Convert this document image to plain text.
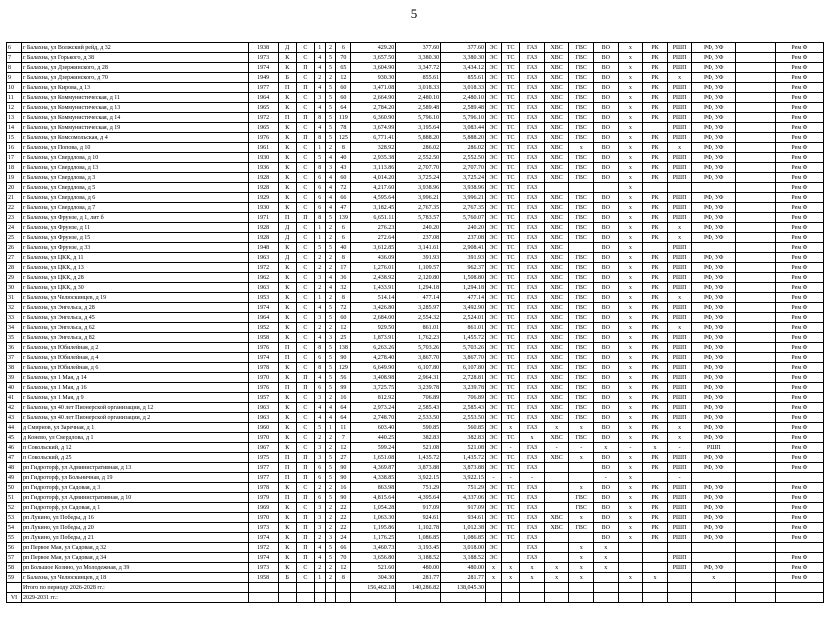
5
6	г Балахна, ул Волжский рейд, д 32	1938	Д	С	1	2	6	429.20	377.60	377.60	ЭС	ТС	ГАЗ	ХВС	ГВС	ВО	х	РК	РШП	РФ, УФ		Рем Ф
7	г Балахна, ул Горького, д 38	1973	К	С	4	5	70	3,657.50	3,380.30	3,380.30	ЭС	ТС	ГАЗ	ХВС	ГВС	ВО	х	РК	РШП	РФ, УФ		Рем Ф
8	г Балахна, ул Дзержинского, д 28	1974	К	П	4	5	65	3,604.90	3,347.72	3,434.12	ЭС	ТС	ГАЗ	ХВС	ГВС	ВО	х	РК	РШП	РФ, УФ		Рем Ф
9	г Балахна, ул Дзержинского, д 70	1949	Б	С	2	2	12	930.30	855.61	855.61	ЭС	ТС	ГАЗ	ХВС	ГВС	ВО	х	РК	х	РФ, УФ		Рем Ф
10	г Балахна, ул Кирова, д 13	1977	П	П	4	5	60	3,471.08	3,018.33	3,018.33	ЭС	ТС	ГАЗ	ХВС	ГВС	ВО	х	РК	РШП	РФ, УФ		Рем Ф
11	г Балахна, ул Коммунистическая, д 11	1964	К	С	3	5	60	2,664.90	2,480.10	2,480.10	ЭС	ТС	ГАЗ	ХВС	ГВС	ВО	х	РК	РШП	РФ, УФ		Рем Ф
12	г Балахна, ул Коммунистическая, д 13	1965	К	С	4	5	64	2,784.20	2,589.48	2,589.48	ЭС	ТС	ГАЗ	ХВС	ГВС	ВО	х	РК	РШП	РФ, УФ		Рем Ф
13	г Балахна, ул Коммунистическая, д 14	1972	П	П	8	5	119	6,360.90	5,796.10	5,796.10	ЭС	ТС	ГАЗ	ХВС	ГВС	ВО	х	РК	РШП	РФ, УФ		Рем Ф
14	г Балахна, ул Коммунистическая, д 19	1965	К	С	4	5	78	3,674.99	3,195.64	3,083.44	ЭС	ТС	ГАЗ	ХВС	ГВС	ВО	х		РШП	РФ, УФ		Рем Ф
15	г Балахна, ул Комсомольская, д 4	1976	К	П	8	5	125	6,771.41	5,888.20	5,888.20	ЭС	ТС	ГАЗ	ХВС	ГВС	ВО	х	РК	РШП	РФ, УФ		Рем Ф
16	г Балахна, ул Попова, д 10	1961	К	С	1	2	8	328.92	286.02	286.02	ЭС	ТС	ГАЗ	ХВС	х	ВО	х	РК	х	РФ, УФ		Рем Ф
17	г Балахна, ул Свердлова, д 10	1930	К	С	5	4	40	2,935.38	2,552.50	2,552.50	ЭС	ТС	ГАЗ	ХВС	ГВС	ВО	х	РК	РШП	РФ, УФ		Рем Ф
18	г Балахна, ул Свердлова, д 13	1936	К	С	8	3	43	3,113.86	2,707.70	2,707.70	ЭС	ТС	ГАЗ	ХВС	ГВС	ВО	х	РК	РШП	РФ, УФ		Рем Ф
19	г Балахна, ул Свердлова, д 3	1928	К	С	6	4	60	4,014.20	3,725.24	3,725.24	ЭС	ТС	ГАЗ	ХВС	ГВС	ВО	х	РК	РШП	РФ, УФ		Рем Ф
20	г Балахна, ул Свердлова, д 5	1928	К	С	6	4	72	4,217.60	3,938.96	3,938.96	ЭС	ТС	ГАЗ				х					Рем Ф
21	г Балахна, ул Свердлова, д 6	1929	К	С	6	4	66	4,595.64	3,996.21	3,996.21	ЭС	ТС	ГАЗ	ХВС	ГВС	ВО	х	РК	РШП	РФ, УФ		Рем Ф
22	г Балахна, ул Свердлова, д 7	1930	К	С	6	4	47	3,182.45	2,767.35	2,767.35	ЭС	ТС	ГАЗ	ХВС	ГВС	ВО	х	РК	РШП	РФ, УФ		Рем Ф
23	г Балахна, ул Фрунзе, д 1, лит б	1971	П	П	8	5	139	6,651.11	5,783.57	5,760.07	ЭС	ТС	ГАЗ	ХВС	ГВС	ВО	х	РК	РШП	РФ, УФ		Рем Ф
24	г Балахна, ул Фрунзе, д 11	1928	Д	С	1	2	6	276.23	240.20	240.20	ЭС	ТС	ГАЗ	ХВС	ГВС	ВО	х	РК	х	РФ, УФ		Рем Ф
25	г Балахна, ул Фрунзе, д 15	1928	Д	С	1	2	6	272.64	237.08	237.08	ЭС	ТС	ГАЗ	ХВС	ГВС	ВО	х	РК	х	РФ, УФ		Рем Ф
26	г Балахна, ул Фрунзе, д 33	1948	К	С	5	5	40	3,612.85	3,141.61	2,908.41	ЭС	ТС	ГАЗ	ХВС		ВО	х		РШП			Рем Ф
27	г Балахна, ул ЦКК, д 11	1963	Д	С	2	2	8	436.09	391.93	391.93	ЭС	ТС	ГАЗ	ХВС	ГВС	ВО	х	РК	РШП	РФ, УФ		Рем Ф
28	г Балахна, ул ЦКК, д 13	1972	К	С	2	2	17	1,276.01	1,109.57	962.37	ЭС	ТС	ГАЗ	ХВС	ГВС	ВО	х	РК	РШП	РФ, УФ		Рем Ф
29	г Балахна, ул ЦКК, д 28	1962	К	С	3	4	36	2,438.92	2,120.80	1,508.80	ЭС	ТС	ГАЗ	ХВС	ГВС	ВО	х	РК	РШП	РФ, УФ		Рем Ф
30	г Балахна, ул ЦКК, д 30	1963	К	С	2	4	32	1,433.91	1,294.18	1,294.18	ЭС	ТС	ГАЗ	ХВС	ГВС	ВО	х	РК	РШП	РФ, УФ		Рем Ф
31	г Балахна, ул Челюскинцев, д 19	1953	К	С	1	2	8	514.14	477.14	477.14	ЭС	ТС	ГАЗ	ХВС	ГВС	ВО	х	РК	х	РФ, УФ		Рем Ф
32	г Балахна, ул Энгельса, д 28	1974	К	С	4	5	72	3,426.80	3,285.97	3,492.90	ЭС	ТС	ГАЗ	ХВС	ГВС	ВО	х	РК	РШП	РФ, УФ		Рем Ф
33	г Балахна, ул Энгельса, д 45	1964	К	С	3	5	60	2,684.00	2,554.32	2,524.01	ЭС	ТС	ГАЗ	ХВС	ГВС	ВО	х	РК	РШП	РФ, УФ		Рем Ф
34	г Балахна, ул Энгельса, д 62	1952	К	С	2	2	12	929.50	861.01	861.01	ЭС	ТС	ГАЗ	ХВС	ГВС	ВО	х	РК	х	РФ, УФ		Рем Ф
35	г Балахна, ул Энгельса, д 82	1958	К	С	4	3	25	1,873.91	1,762.23	1,455.72	ЭС	ТС	ГАЗ	ХВС	ГВС	ВО	х	РК	РШП	РФ, УФ		Рем Ф
36	г Балахна, ул Юбилейная, д 2	1976	П	С	8	5	138	6,263.26	5,703.26	5,703.26	ЭС	ТС	ГАЗ	ХВС	ГВС	ВО	х	РК	РШП	РФ, УФ		Рем Ф
37	г Балахна, ул Юбилейная, д 4	1974	П	С	6	5	90	4,278.40	3,867.70	3,867.70	ЭС	ТС	ГАЗ	ХВС	ГВС	ВО	х	РК	РШП	РФ, УФ		Рем Ф
38	г Балахна, ул Юбилейная, д 6	1978	К	С	8	5	129	6,649.90	6,107.80	6,107.80	ЭС	ТС	ГАЗ	ХВС	ГВС	ВО	х	РК	РШП	РФ, УФ		Рем Ф
39	г Балахна, ул 1 Мая, д 14	1970	К	П	4	5	56	3,408.98	2,964.31	2,728.81	ЭС	ТС	ГАЗ	ХВС	ГВС	ВО	х	РК	РШП	РФ, УФ		Рем Ф
40	г Балахна, ул 1 Мая, д 16	1976	П	П	6	5	99	3,725.75	3,239.78	3,239.78	ЭС	ТС	ГАЗ	ХВС	ГВС	ВО	х	РК	РШП	РФ, УФ		Рем Ф
41	г Балахна, ул 1 Мая, д 9	1957	К	С	3	2	16	812.92	706.89	706.89	ЭС	ТС	ГАЗ	ХВС	ГВС	ВО	х	РК	РШП	РФ, УФ		Рем Ф
42	г Балахна, ул 40 лет Пионерской организации, д 12	1963	К	С	4	4	64	2,973.24	2,585.43	2,585.43	ЭС	ТС	ГАЗ	ХВС	ГВС	ВО	х	РК	РШП	РФ, УФ		Рем Ф
43	г Балахна, ул 40 лет Пионерской организации, д 2	1963	К	С	4	4	64	2,748.70	2,533.50	2,553.50	ЭС	ТС	ГАЗ	ХВС	ГВС	ВО	х	РК	РШП	РФ, УФ		Рем Ф
44	д Смирнов, ул Заречная, д 1	1960	К	С	5	1	11	603.40	590.85	560.85	ЭС	х	ГАЗ	х	х	ВО	х	РК	х	РФ, УФ		Рем Ф
45	д Конево, ул Свердлова, д 1	1970	К	С	2	2	7	440.25	382.83	382.83	ЭС	ТС	х	ХВС	ГВС	ВО	х	РК	х	РФ, УФ		Рем Ф
46	п Сокольский, д 12	1967	К	С	3	2	12	599.24	521.08	521.08	ЭС	-	ГАЗ	-	-	х	-	х	-	РШП		Рем Ф
47	п Сокольский, д 25	1975	П	П	3	5	27	1,651.08	1,435.72	1,435.72	ЭС	ТС	ГАЗ	ХВС	х	ВО	х	РК	РШП	РФ, УФ		Рем Ф
48	рп Гидроторф, ул Административная, д 13	1977	П	П	6	5	90	4,369.87	3,873.88	3,873.88	ЭС	ТС	ГАЗ			ВО	х	РК	РШП	РФ, УФ		Рем Ф
49	рп Гидроторф, ул Больничная, д 19	1977	П	П	6	5	90	4,338.85	3,922.15	3,922.15	-	-	-			-	х		-			
50	рп Гидроторф, ул Садовая, д 3	1978	К	С	2	2	16	863.98	751.29	751.29	ЭС	ТС	ГАЗ		х	ВО	х	РК	РШП	РФ, УФ		Рем Ф
51	рп Гидроторф, ул Административная, д 10	1979	П	П	6	5	90	4,815.64	4,395.64	4,337.06	ЭС	ТС	ГАЗ		ГВС	ВО	х	РК	РШП	РФ, УФ		Рем Ф
52	рп Гидроторф, ул Садовая, д 1	1969	К	С	3	2	22	1,054.28	917.09	917.09	ЭС	ТС	ГАЗ		ГВС	ВО	х	РК	РШП	РФ, УФ		Рем Ф
53	рп Лукино, ул Победы, д 16	1970	К	П	3	2	22	1,063.30	924.61	934.61	ЭС	ТС	ГАЗ	ХВС	х	ВО	х	РК	РШП	РФ, УФ		Рем Ф
54	рп Лукино, ул Победы, д 20	1973	К	П	3	2	22	1,195.86	1,102.78	1,012.38	ЭС	ТС	ГАЗ	ХВС	ГВС	ВО	х	РК	РШП	РФ, УФ		Рем Ф
55	рп Лукино, ул Победы, д 21	1974	К	П	2	3	24	1,176.25	1,086.85	1,086.85	ЭС	ТС	ГАЗ			ВО	х	РК	РШП	РФ, УФ		Рем Ф
56	рп Первое Мая, ул Садовая, д 32	1972	К	П	4	5	66	3,460.73	3,193.45	3,018.00	ЭС		ГАЗ		х	х						
57	рп Первое Мая, ул Садовая, д 34	1974	К	П	4	5	70	3,656.80	3,188.52	3,188.52	ЭС		ГАЗ		х	х			РШП			Рем Ф
58	рп Большое Козино, ул Молодежная, д 39	1973	К	С	2	2	12	521.60	480.00	480.00	х	х	х	х	х	х			РШП	РФ, УФ		Рем Ф
59	г Балахна, ул Челюскинцев, д 18	1958	Б	С	1	2	8	304.30	281.77	281.77	х	х	х	х	х		х	х		х		Рем Ф
	Итого по периоду 2026-2028 гг.:							156,462.18	140,286.82	138,045.30												
VI	2029-2031 гг.:																					
